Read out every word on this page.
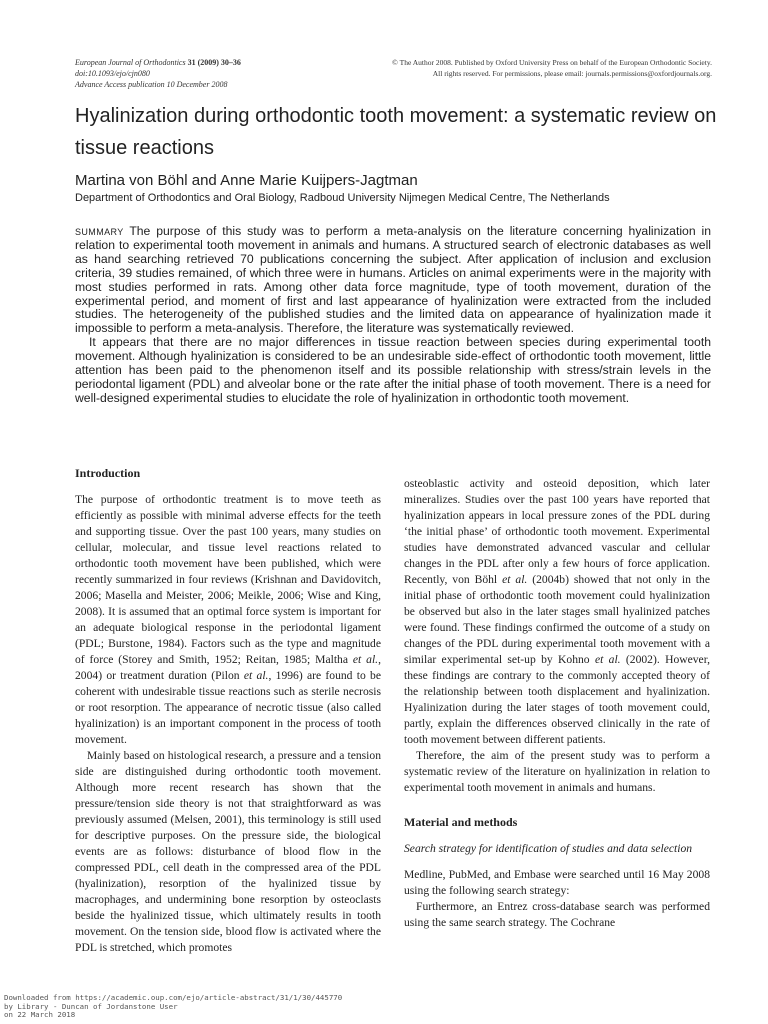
European Journal of Orthodontics 31 (2009) 30–36
doi:10.1093/ejo/cjn080
Advance Access publication 10 December 2008
© The Author 2008. Published by Oxford University Press on behalf of the European Orthodontic Society.
All rights reserved. For permissions, please email: journals.permissions@oxfordjournals.org.
Hyalinization during orthodontic tooth movement: a systematic review on tissue reactions
Martina von Böhl and Anne Marie Kuijpers-Jagtman
Department of Orthodontics and Oral Biology, Radboud University Nijmegen Medical Centre, The Netherlands

summary The purpose of this study was to perform a meta-analysis on the literature concerning hyalinization in relation to experimental tooth movement in animals and humans. A structured search of electronic databases as well as hand searching retrieved 70 publications concerning the subject. After application of inclusion and exclusion criteria, 39 studies remained, of which three were in humans. Articles on animal experiments were in the majority with most studies performed in rats. Among other data force magnitude, type of tooth movement, duration of the experimental period, and moment of first and last appearance of hyalinization were extracted from the included studies. The heterogeneity of the published studies and the limited data on appearance of hyalinization made it impossible to perform a meta-analysis. Therefore, the literature was systematically reviewed.

It appears that there are no major differences in tissue reaction between species during experimental tooth movement. Although hyalinization is considered to be an undesirable side-effect of orthodontic tooth movement, little attention has been paid to the phenomenon itself and its possible relationship with stress/strain levels in the periodontal ligament (PDL) and alveolar bone or the rate after the initial phase of tooth movement. There is a need for well-designed experimental studies to elucidate the role of hyalinization in orthodontic tooth movement.

Introduction

The purpose of orthodontic treatment is to move teeth as efficiently as possible with minimal adverse effects for the teeth and supporting tissue. Over the past 100 years, many studies on cellular, molecular, and tissue level reactions related to orthodontic tooth movement have been published, which were recently summarized in four reviews (Krishnan and Davidovitch, 2006; Masella and Meister, 2006; Meikle, 2006; Wise and King, 2008). It is assumed that an optimal force system is important for an adequate biological response in the periodontal ligament (PDL; Burstone, 1984). Factors such as the type and magnitude of force (Storey and Smith, 1952; Reitan, 1985; Maltha et al., 2004) or treatment duration (Pilon et al., 1996) are found to be coherent with undesirable tissue reactions such as sterile necrosis or root resorption. The appearance of necrotic tissue (also called hyalinization) is an important component in the process of tooth movement.

Mainly based on histological research, a pressure and a tension side are distinguished during orthodontic tooth movement. Although more recent research has shown that the pressure/tension side theory is not that straightforward as was previously assumed (Melsen, 2001), this terminology is still used for descriptive purposes. On the pressure side, the biological events are as follows: disturbance of blood flow in the compressed PDL, cell death in the compressed area of the PDL (hyalinization), resorption of the hyalinized tissue by macrophages, and undermining bone resorption by osteoclasts beside the hyalinized tissue, which ultimately results in tooth movement. On the tension side, blood flow is activated where the PDL is stretched, which promotes

osteoblastic activity and osteoid deposition, which later mineralizes. Studies over the past 100 years have reported that hyalinization appears in local pressure zones of the PDL during ‘the initial phase’ of orthodontic tooth movement. Experimental studies have demonstrated advanced vascular and cellular changes in the PDL after only a few hours of force application. Recently, von Böhl et al. (2004b) showed that not only in the initial phase of orthodontic tooth movement could hyalinization be observed but also in the later stages small hyalinized patches were found. These findings confirmed the outcome of a study on changes of the PDL during experimental tooth movement with a similar experimental set-up by Kohno et al. (2002). However, these findings are contrary to the commonly accepted theory of the relationship between tooth displacement and hyalinization. Hyalinization during the later stages of tooth movement could, partly, explain the differences observed clinically in the rate of tooth movement between different patients.

Therefore, the aim of the present study was to perform a systematic review of the literature on hyalinization in relation to experimental tooth movement in animals and humans.

Material and methods
Search strategy for identification of studies and data selection

Medline, PubMed, and Embase were searched until 16 May 2008 using the following search strategy:

Furthermore, an Entrez cross-database search was performed using the same search strategy. The Cochrane

Downloaded from https://academic.oup.com/ejo/article-abstract/31/1/30/445770
by Library - Duncan of Jordanstone User
on 22 March 2018
